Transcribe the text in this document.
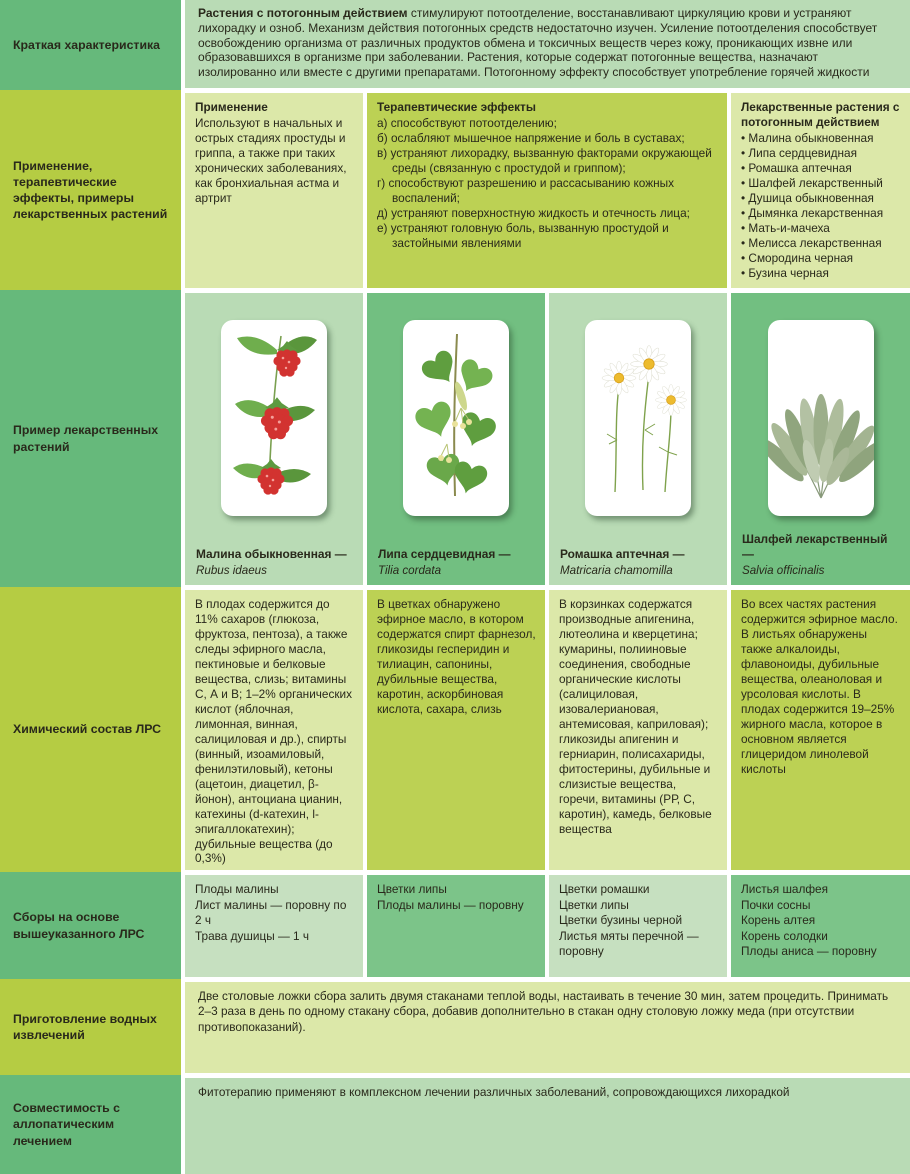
Краткая характеристика
Применение, терапевтические эффекты, примеры лекарственных растений
Пример лекарственных растений
Химический состав ЛРС
Сборы на основе вышеуказанного ЛРС
Приготовление водных извлечений
Совместимость с аллопатическим лечением
Растения с потогонным действием стимулируют потоотделение, восстанавливают циркуляцию крови и устраняют лихорадку и озноб. Механизм действия потогонных средств недостаточно изучен. Усиление потоотделения способствует освобождению организма от различных продуктов обмена и токсичных веществ через кожу, проникающих извне или образовавшихся в организме при заболевании. Растения, которые содержат потогонные вещества, назначают изолированно или вместе с другими препаратами. Потогонному эффекту способствует употребление горячей жидкости
Применение
Используют в начальных и острых стадиях простуды и гриппа, а также при таких хронических заболеваниях, как бронхиальная астма и артрит
Терапевтические эффекты
а) способствуют потоотделению;
б) ослабляют мышечное напряжение и боль в суставах;
в) устраняют лихорадку, вызванную факторами окружающей среды (связанную с простудой и гриппом);
г) способствуют разрешению и рассасыванию кожных воспалений;
д) устраняют поверхностную жидкость и отечность лица;
е) устраняют головную боль, вызванную простудой и застойными явлениями
Лекарственные растения с потогонным действием
• Малина обыкновенная
• Липа сердцевидная
• Ромашка аптечная
• Шалфей лекарственный
• Душица обыкновенная
• Дымянка лекарственная
• Мать-и-мачеха
• Мелисса лекарственная
• Смородина черная
• Бузина черная
Малина обыкновенная —
Rubus idaeus
Липа сердцевидная —
Tilia cordata
Ромашка аптечная —
Matricaria chamomilla
Шалфей лекарственный —
Salvia officinalis
В плодах содержится до 11% сахаров (глюкоза, фруктоза, пентоза), а также следы эфирного масла, пектиновые и белковые вещества, слизь; витамины С, А и В; 1–2% органических кислот (яблочная, лимонная, винная, салициловая и др.), спирты (винный, изоамиловый, фенилэтиловый), кетоны (ацетоин, диацетил, β-йонон), антоциана цианин, катехины (d-катехин, l-эпигаллокатехин); дубильные вещества (до 0,3%)
В цветках обнаружено эфирное масло, в котором содержатся спирт фарнезол, гликозиды гесперидин и тилиацин, сапонины, дубильные вещества, каротин, аскорбиновая кислота, сахара, слизь
В корзинках содержатся производные апигенина, лютеолина и кверцетина; кумарины, полииновые соединения, свободные органические кислоты (салициловая, изовалериановая, антемисовая, каприловая); гликозиды апигенин и герниарин, полисахариды, фитостерины, дубильные и слизистые вещества, горечи, витамины (РР, С, каротин), камедь, белковые вещества
Во всех частях растения содержится эфирное масло. В листьях обнаружены также алкалоиды, флавоноиды, дубильные вещества, олеаноловая и урсоловая кислоты. В плодах содержится 19–25% жирного масла, которое в основном является глицеридом линолевой кислоты
Плоды малины
Лист малины — поровну по 2 ч
Трава душицы — 1 ч
Цветки липы
Плоды малины — поровну
Цветки ромашки
Цветки липы
Цветки бузины черной
Листья мяты перечной —
поровну
Листья шалфея
Почки сосны
Корень алтея
Корень солодки
Плоды аниса — поровну
Две столовые ложки сбора залить двумя стаканами теплой воды, настаивать в течение 30 мин, затем процедить. Принимать 2–3 раза в день по одному стакану сбора, добавив дополнительно в стакан одну столовую ложку меда (при отсутствии противопоказаний).
Фитотерапию применяют в комплексном лечении различных заболеваний, сопровождающихся лихорадкой
